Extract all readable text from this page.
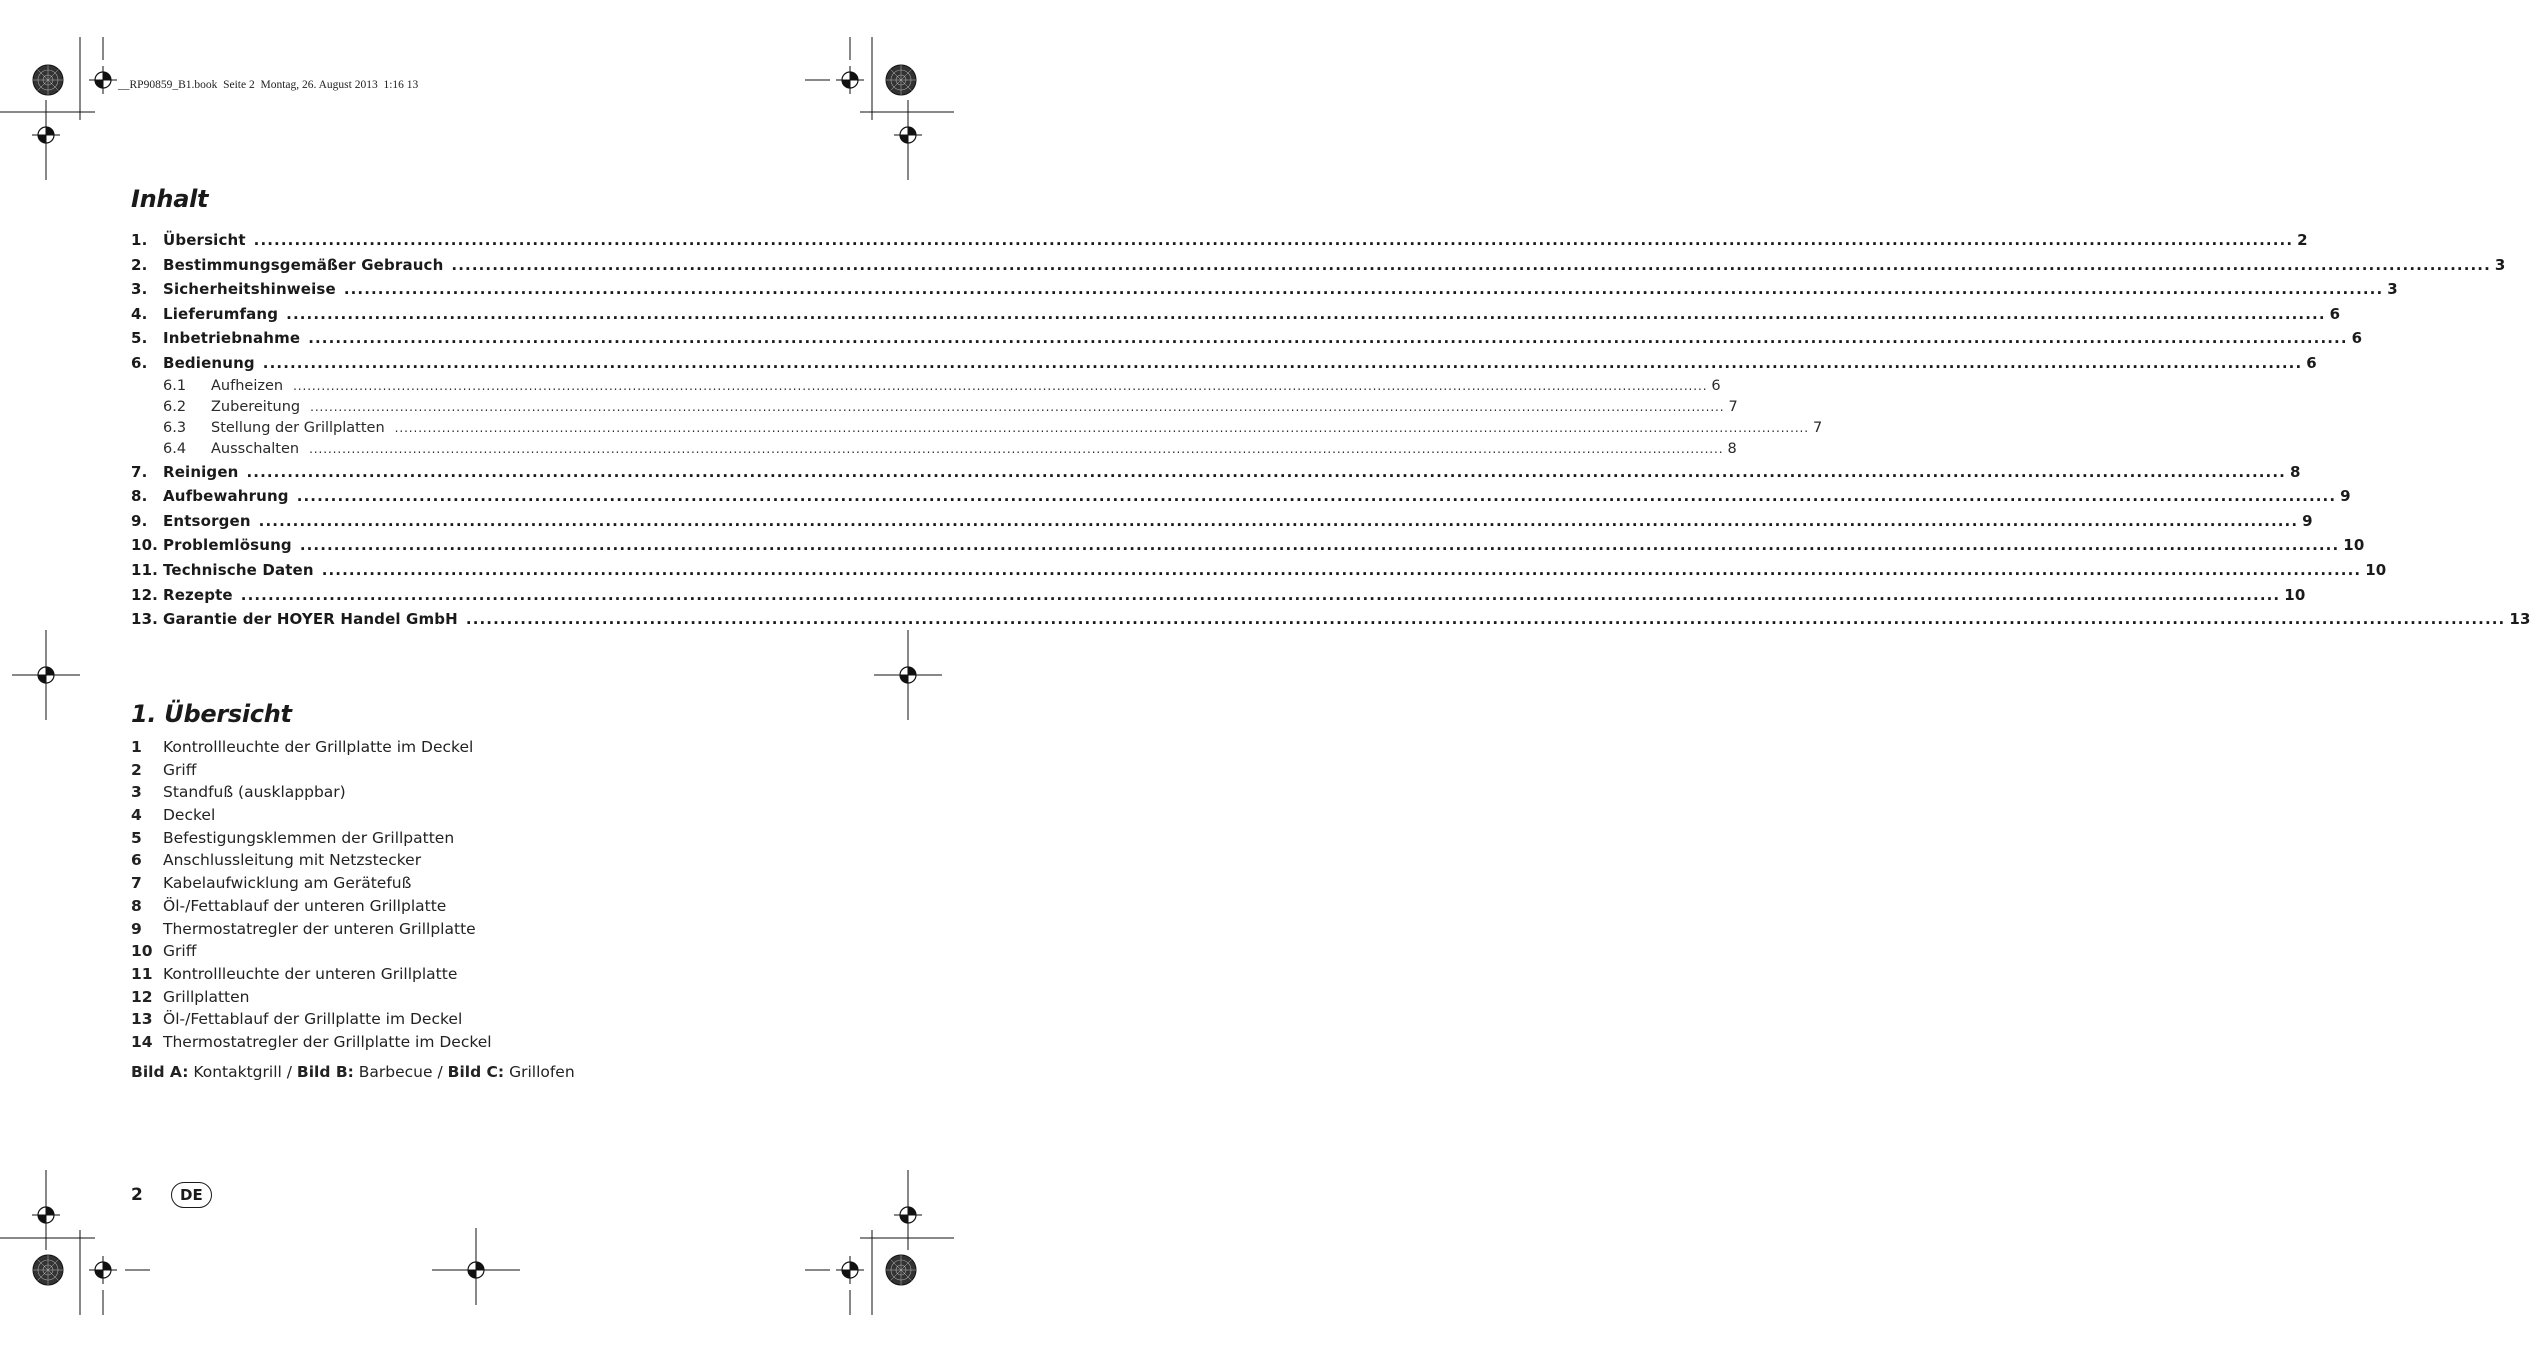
__RP90859_B1.book  Seite 2  Montag, 26. August 2013  1:16 13
Inhalt
1.	Übersicht ............................................................................................................................................................................................................................................................................................................ 2
2.	Bestimmungsgemäßer Gebrauch ............................................................................................................................................................................................................................................................................................................ 3
3.	Sicherheitshinweise ............................................................................................................................................................................................................................................................................................................ 3
4.	Lieferumfang ............................................................................................................................................................................................................................................................................................................ 6
5.	Inbetriebnahme ............................................................................................................................................................................................................................................................................................................ 6
6.	Bedienung ............................................................................................................................................................................................................................................................................................................ 6
6.1	Aufheizen ............................................................................................................................................................................................................................................................................................................ 6
6.2	Zubereitung ............................................................................................................................................................................................................................................................................................................ 7
6.3	Stellung der Grillplatten ............................................................................................................................................................................................................................................................................................................ 7
6.4	Ausschalten ............................................................................................................................................................................................................................................................................................................ 8
7.	Reinigen ............................................................................................................................................................................................................................................................................................................ 8
8.	Aufbewahrung ............................................................................................................................................................................................................................................................................................................ 9
9.	Entsorgen ............................................................................................................................................................................................................................................................................................................ 9
10. Problemlösung ............................................................................................................................................................................................................................................................................................................ 10
11. Technische Daten ............................................................................................................................................................................................................................................................................................................ 10
12. Rezepte ............................................................................................................................................................................................................................................................................................................ 10
13. Garantie der HOYER Handel GmbH ............................................................................................................................................................................................................................................................................................................ 13
1. Übersicht
1	Kontrollleuchte der Grillplatte im Deckel
2	Griff
3	Standfuß (ausklappbar)
4	Deckel
5	Befestigungsklemmen der Grillpatten
6	Anschlussleitung mit Netzstecker
7	Kabelaufwicklung am Gerätefuß
8	Öl-/Fettablauf der unteren Grillplatte
9	Thermostatregler der unteren Grillplatte
10 Griff
11 Kontrollleuchte der unteren Grillplatte
12 Grillplatten
13 Öl-/Fettablauf der Grillplatte im Deckel
14 Thermostatregler der Grillplatte im Deckel
Bild A: Kontaktgrill / Bild B: Barbecue / Bild C: Grillofen
2	DE
